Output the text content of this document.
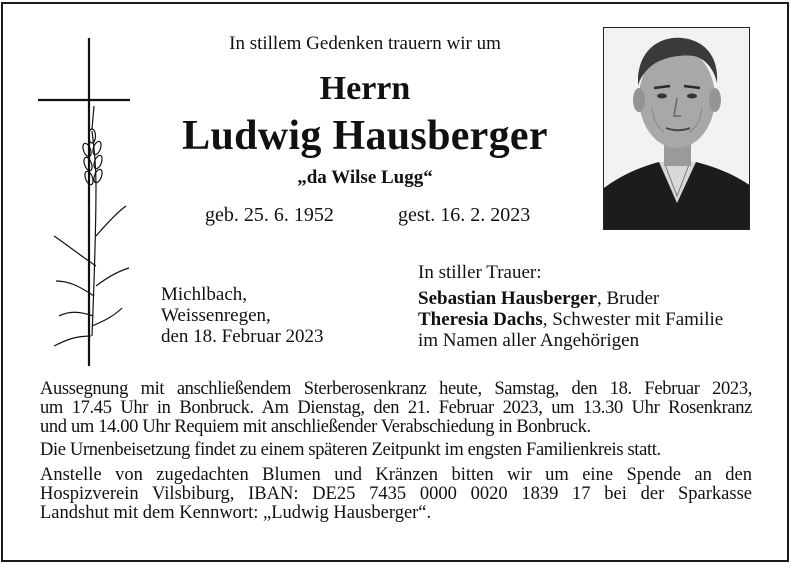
In stillem Gedenken trauern wir um
Herrn
Ludwig Hausberger
„da Wilse Lugg“
geb. 25. 6. 1952	gest. 16. 2. 2023
Michlbach,
Weissenregen,
den 18. Februar 2023
In stiller Trauer:
Sebastian Hausberger, Bruder
Theresia Dachs, Schwester mit Familie
im Namen aller Angehörigen
Aussegnung mit anschließendem Sterberosenkranz heute, Samstag, den 18. Februar 2023,
um 17.45 Uhr in Bonbruck. Am Dienstag, den 21. Februar 2023, um 13.30 Uhr Rosenkranz
und um 14.00 Uhr Requiem mit anschließender Verabschiedung in Bonbruck.
Die Urnenbeisetzung findet zu einem späteren Zeitpunkt im engsten Familienkreis statt.
Anstelle von zugedachten Blumen und Kränzen bitten wir um eine Spende an den
Hospizverein Vilsbiburg, IBAN: DE25 7435 0000 0020 1839 17 bei der Sparkasse
Landshut mit dem Kennwort: „Ludwig Hausberger“.
